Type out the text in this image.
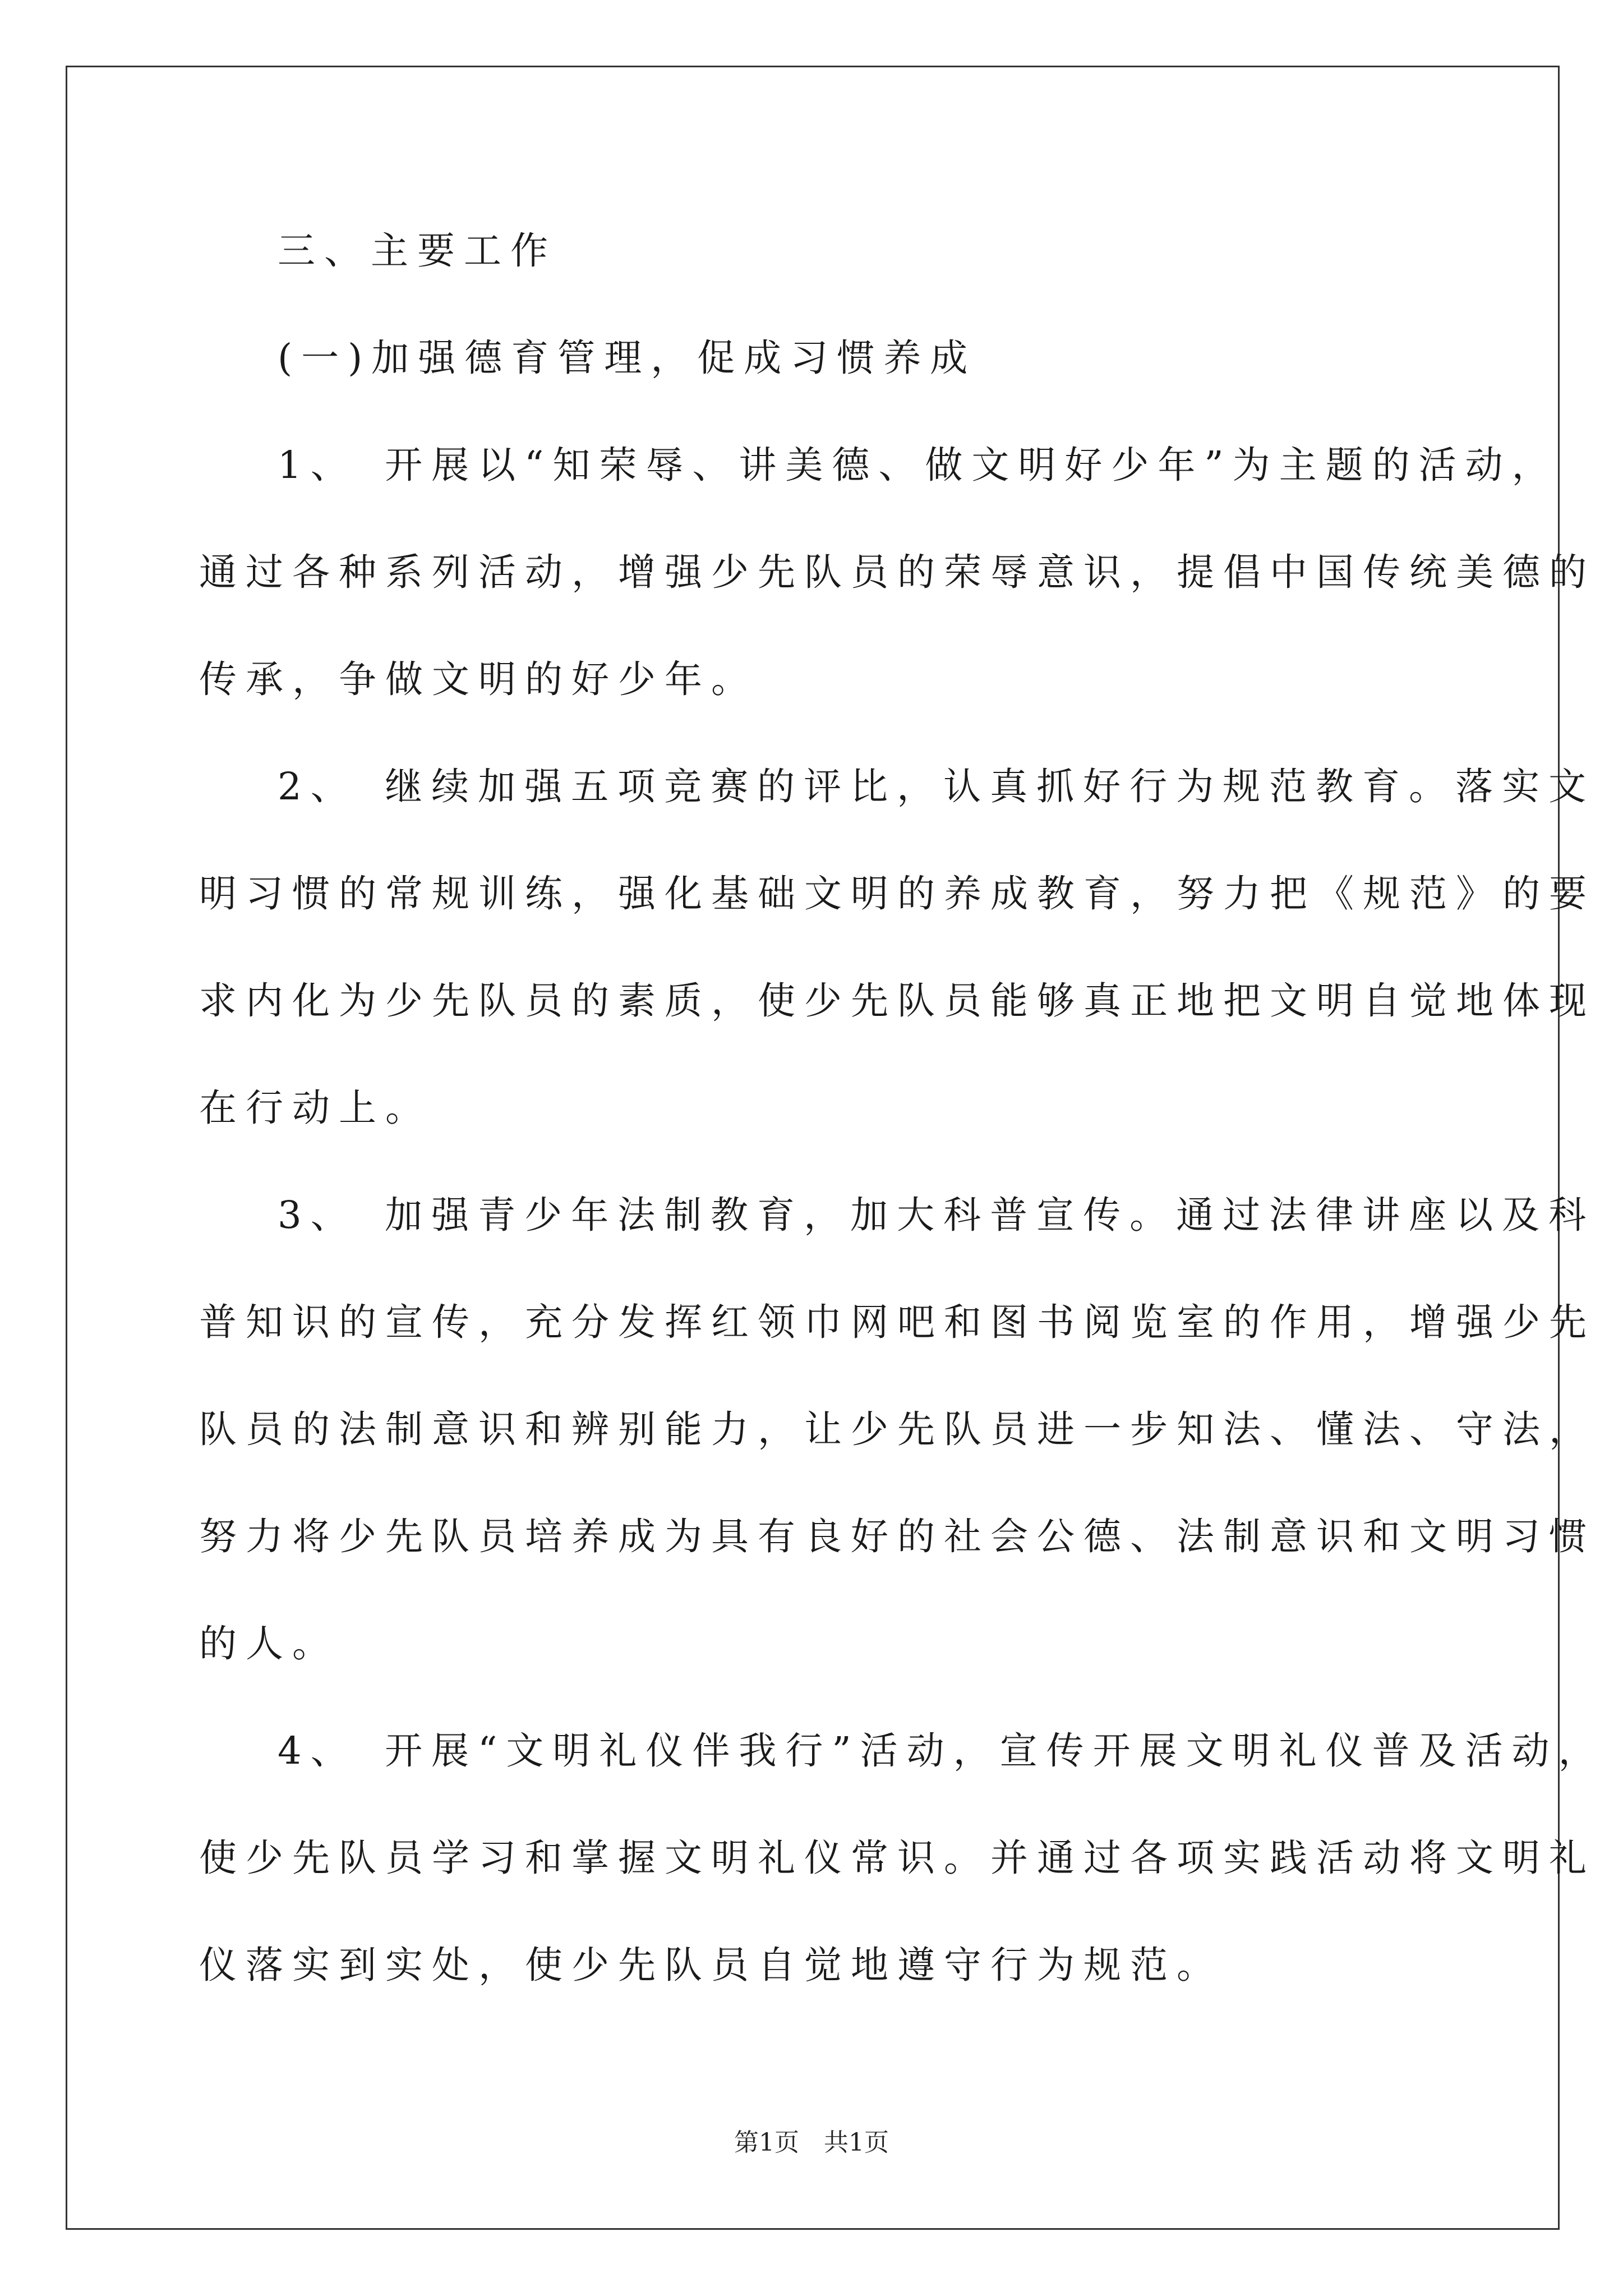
三、主要工作

(一)加强德育管理，促成习惯养成

1、　开展以“知荣辱、讲美德、做文明好少年”为主题的活动，

通过各种系列活动，增强少先队员的荣辱意识，提倡中国传统美德的

传承，争做文明的好少年。

2、　继续加强五项竞赛的评比，认真抓好行为规范教育。落实文

明习惯的常规训练，强化基础文明的养成教育，努力把《规范》的要

求内化为少先队员的素质，使少先队员能够真正地把文明自觉地体现

在行动上。

3、　加强青少年法制教育，加大科普宣传。通过法律讲座以及科

普知识的宣传，充分发挥红领巾网吧和图书阅览室的作用，增强少先

队员的法制意识和辨别能力，让少先队员进一步知法、懂法、守法，

努力将少先队员培养成为具有良好的社会公德、法制意识和文明习惯

的人。

4、　开展“文明礼仪伴我行”活动，宣传开展文明礼仪普及活动，

使少先队员学习和掌握文明礼仪常识。并通过各项实践活动将文明礼

仪落实到实处，使少先队员自觉地遵守行为规范。

第1页　共1页
